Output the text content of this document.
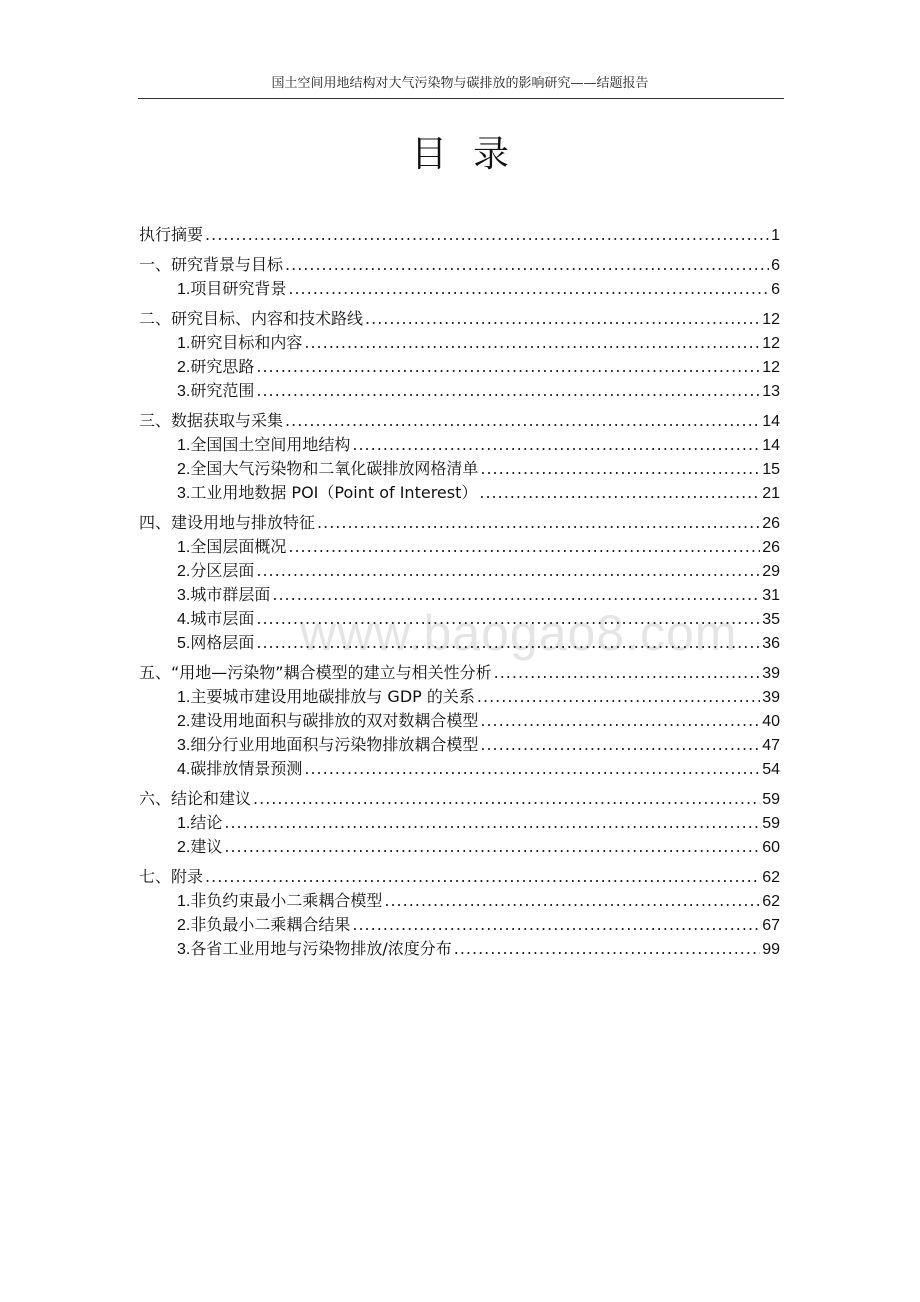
国土空间用地结构对大气污染物与碳排放的影响研究——结题报告
目录
www.baogao8.com
执行摘要 .....	1
一、 研究背景与目标 .....	6
1. 项目研究背景 .....	6
二、 研究目标、内容和技术路线 .....	12
1. 研究目标和内容 .....	12
2. 研究思路 .....	12
3. 研究范围 .....	13
三、 数据获取与采集 .....	14
1. 全国国土空间用地结构 .....	14
2. 全国大气污染物和二氧化碳排放网格清单 .....	15
3. 工业用地数据 POI（Point of Interest） .....	21
四、 建设用地与排放特征 .....	26
1. 全国层面概况 .....	26
2. 分区层面 .....	29
3. 城市群层面 .....	31
4. 城市层面 .....	35
5. 网格层面 .....	36
五、 “用地—污染物”耦合模型的建立与相关性分析 .....	39
1. 主要城市建设用地碳排放与 GDP 的关系 .....	39
2. 建设用地面积与碳排放的双对数耦合模型 .....	40
3. 细分行业用地面积与污染物排放耦合模型 .....	47
4. 碳排放情景预测 .....	54
六、 结论和建议 .....	59
1. 结论 .....	59
2. 建议 .....	60
七、 附录 .....	62
1. 非负约束最小二乘耦合模型 .....	62
2. 非负最小二乘耦合结果 .....	67
3. 各省工业用地与污染物排放/浓度分布 .....	99
